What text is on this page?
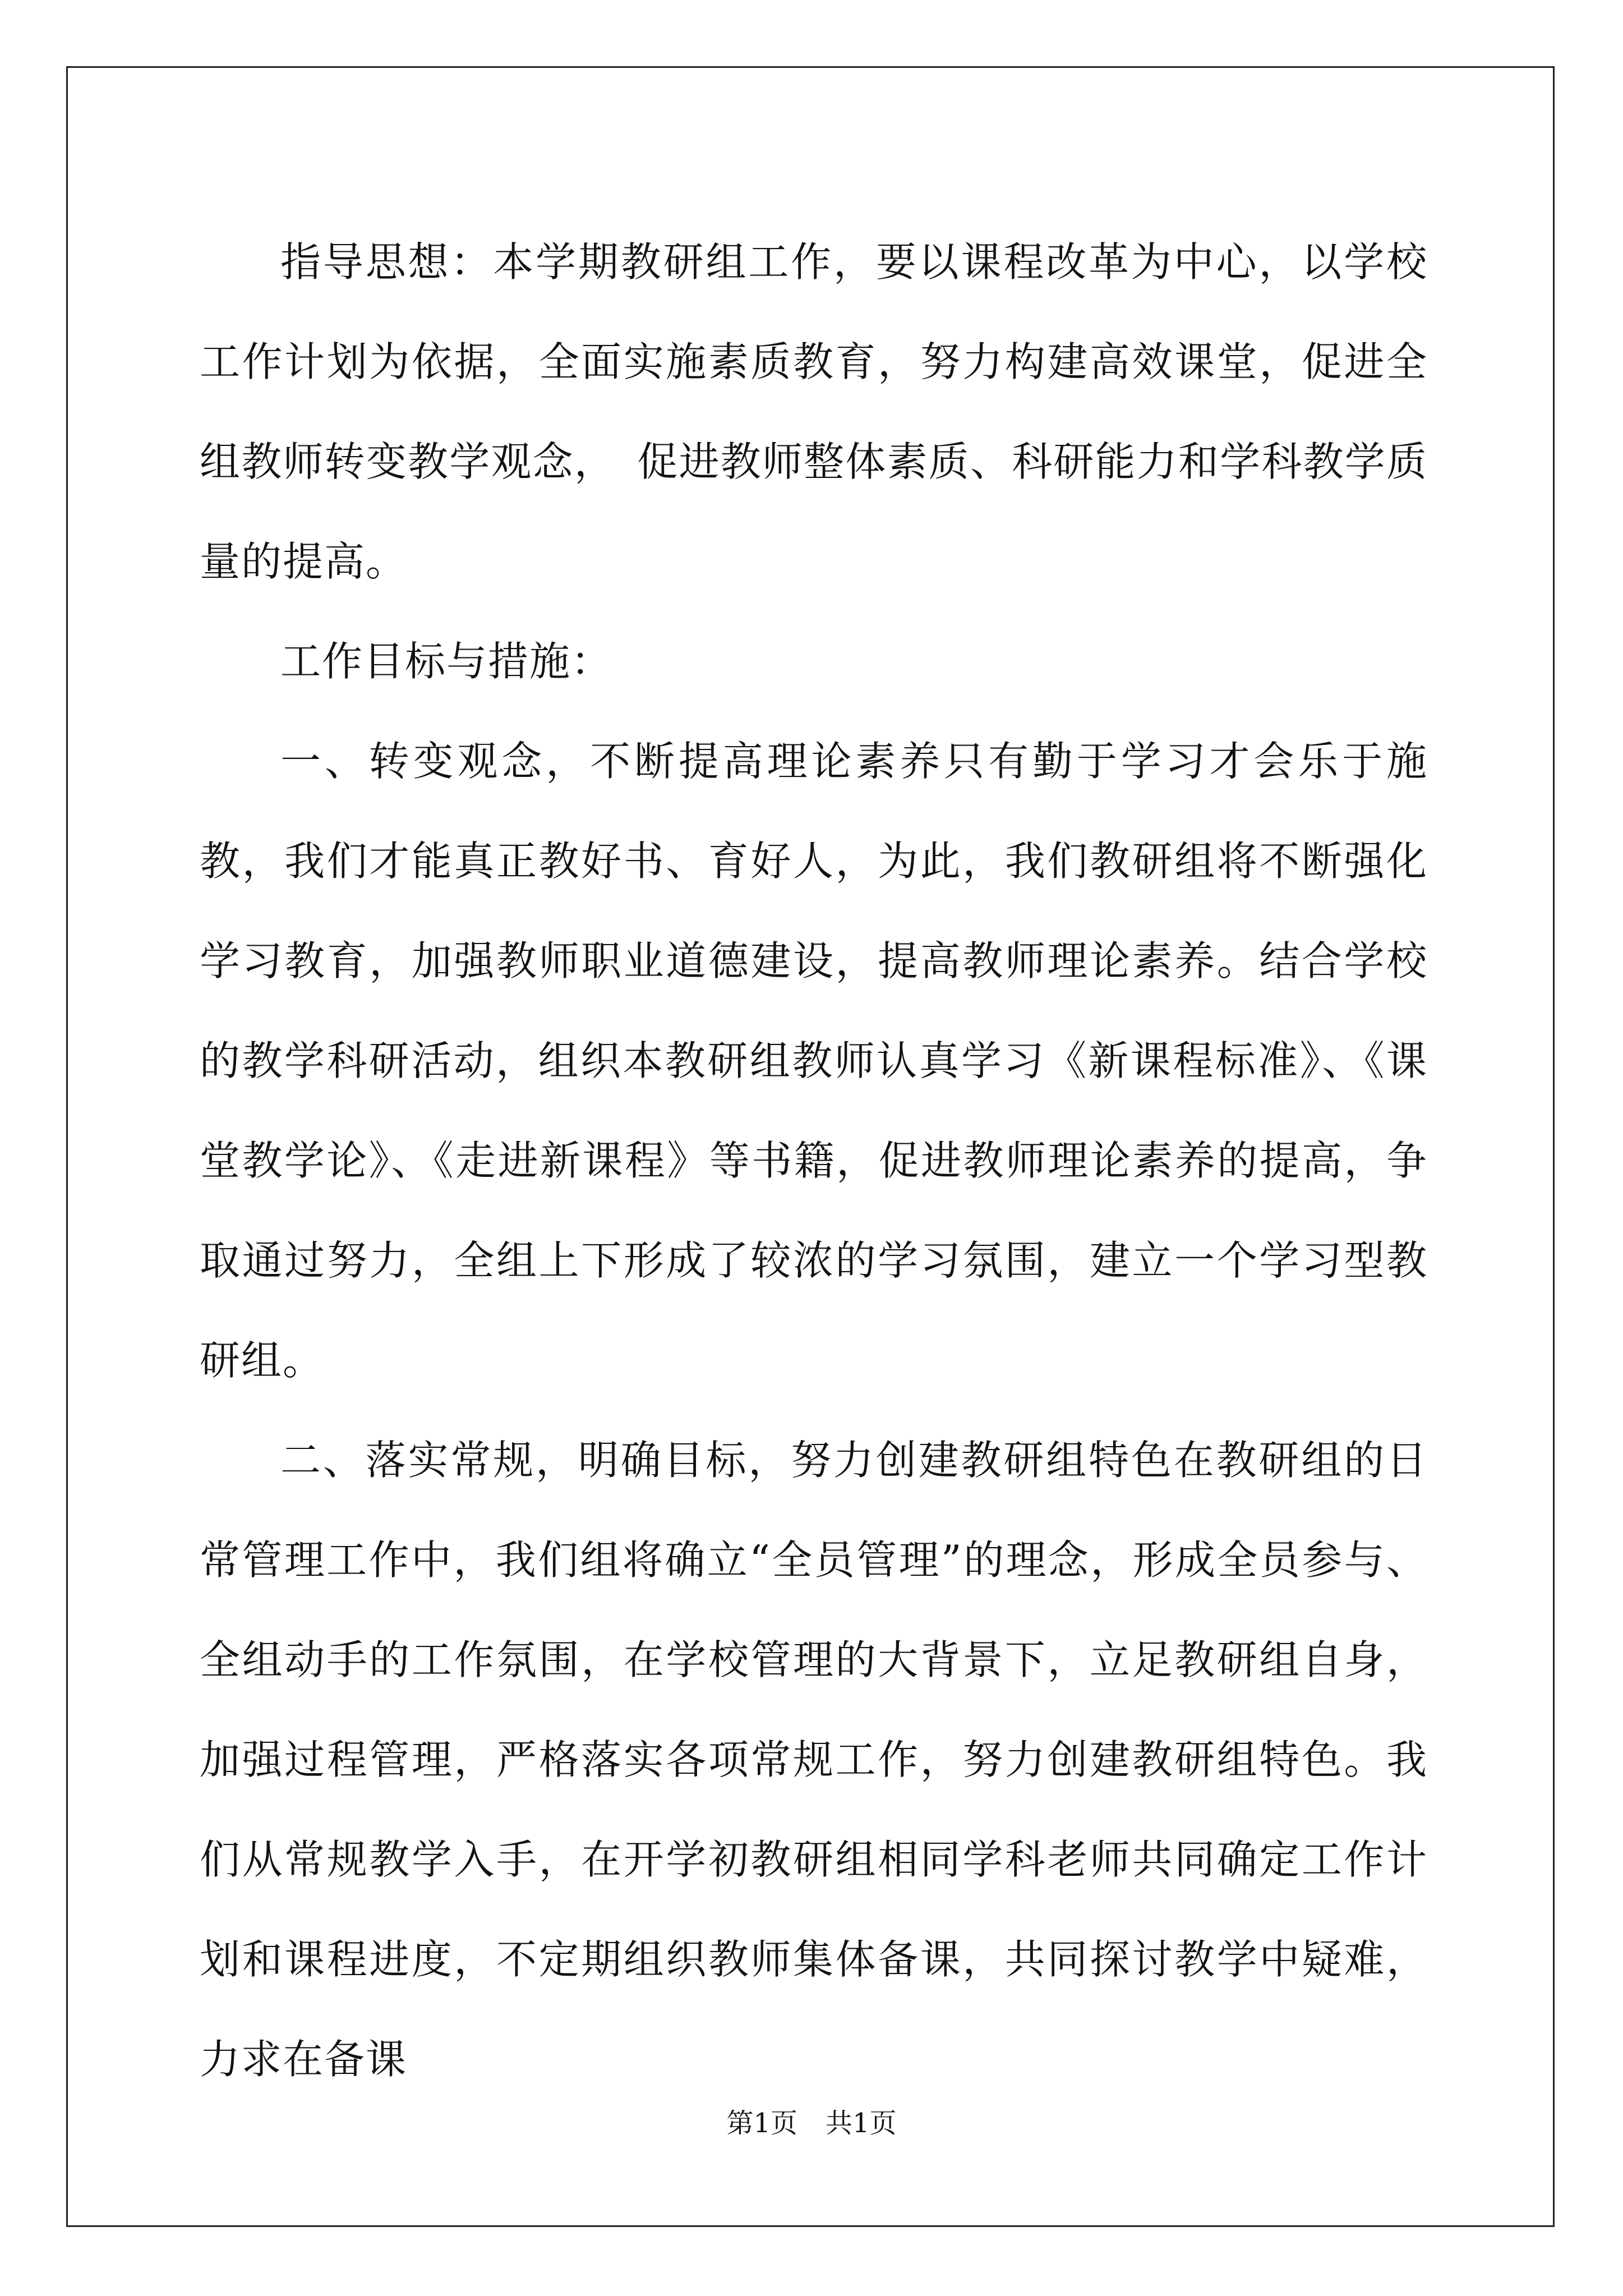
指导思想：本学期教研组工作，要以课程改革为中心，以学校工作计划为依据，全面实施素质教育，努力构建高效课堂，促进全组教师转变教学观念，　促进教师整体素质、科研能力和学科教学质量的提高。

工作目标与措施：

一、转变观念，不断提高理论素养只有勤于学习才会乐于施教，我们才能真正教好书、育好人，为此，我们教研组将不断强化学习教育，加强教师职业道德建设，提高教师理论素养。结合学校的教学科研活动，组织本教研组教师认真学习《新课程标准》、《课堂教学论》、《走进新课程》等书籍，促进教师理论素养的提高，争取通过努力，全组上下形成了较浓的学习氛围，建立一个学习型教研组。

二、落实常规，明确目标，努力创建教研组特色在教研组的日常管理工作中，我们组将确立“全员管理”的理念，形成全员参与、全组动手的工作氛围，在学校管理的大背景下，立足教研组自身，加强过程管理，严格落实各项常规工作，努力创建教研组特色。我们从常规教学入手，在开学初教研组相同学科老师共同确定工作计划和课程进度，不定期组织教师集体备课，共同探讨教学中疑难，力求在备课

第1页 共1页
